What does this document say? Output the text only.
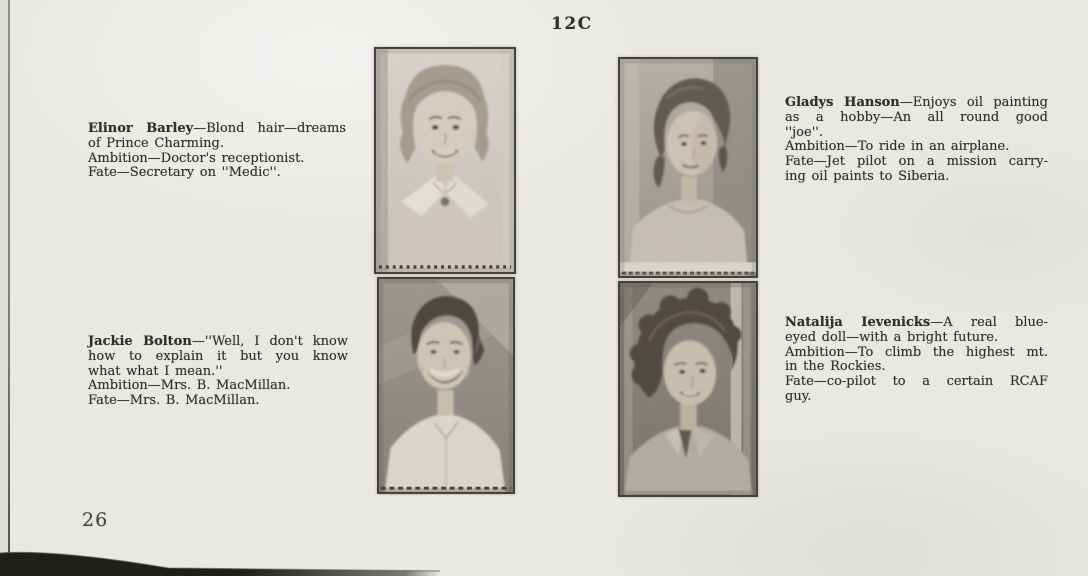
12C
Elinor Barley—Blond hair—dreams
of Prince Charming.
Ambition—Doctor's receptionist.
Fate—Secretary on ''Medic''.
Gladys Hanson—Enjoys oil painting
as a hobby—An all round good
''joe''.
Ambition—To ride in an airplane.
Fate—Jet pilot on a mission carry-
ing oil paints to Siberia.
Jackie Bolton—''Well, I don't know
how to explain it but you know
what what I mean.''
Ambition—Mrs. B. MacMillan.
Fate—Mrs. B. MacMillan.
Natalija Ievenicks—A real blue-
eyed doll—with a bright future.
Ambition—To climb the highest mt.
in the Rockies.
Fate—co-pilot to a certain RCAF
guy.
26
